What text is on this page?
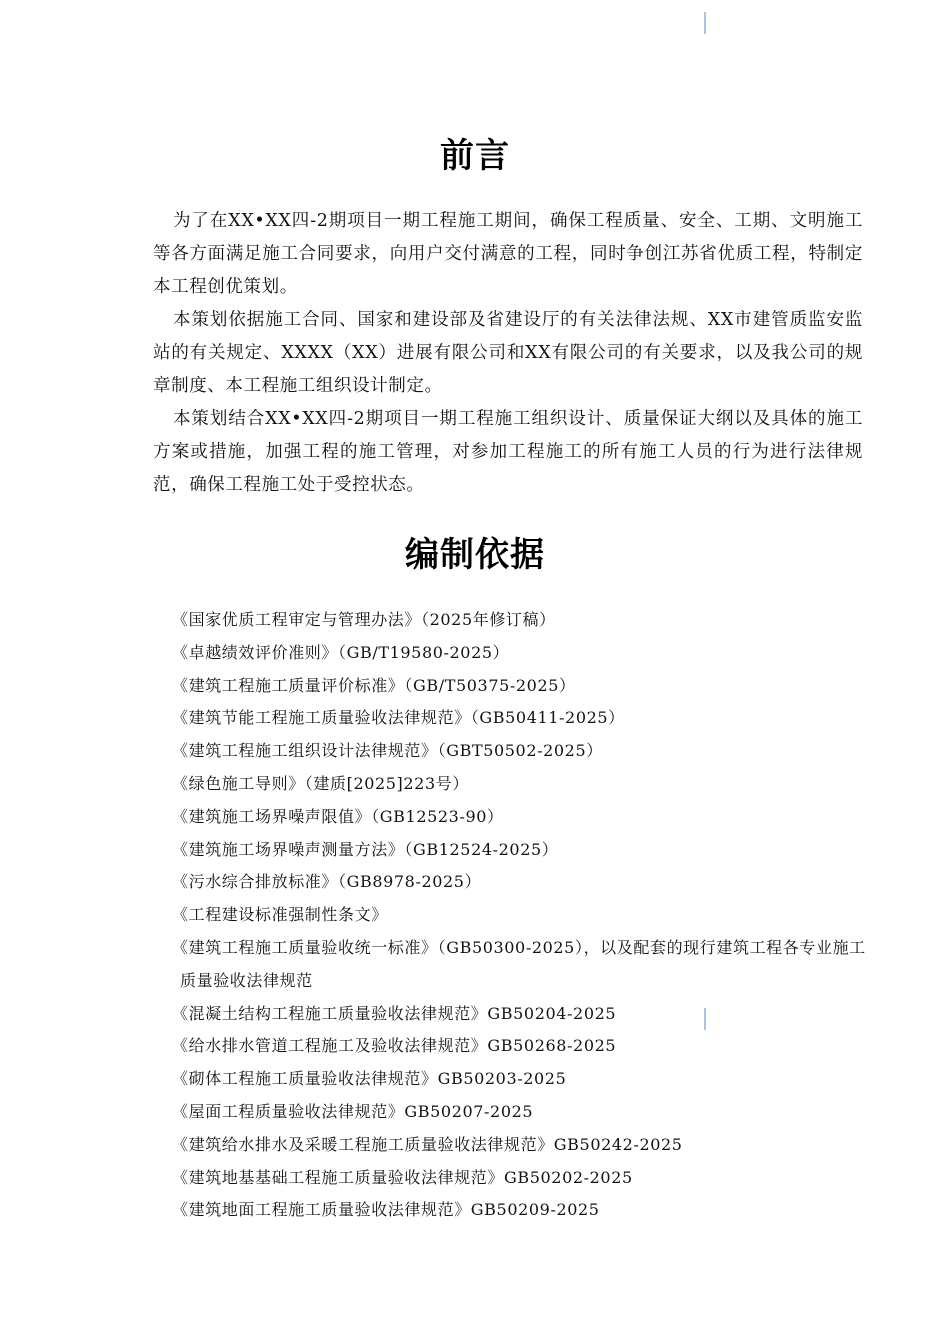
前言

为了在XX•XX四-2期项目一期工程施工期间，确保工程质量、安全、工期、文明施工等各方面满足施工合同要求，向用户交付满意的工程，同时争创江苏省优质工程，特制定本工程创优策划。

本策划依据施工合同、国家和建设部及省建设厅的有关法律法规、XX市建管质监安监站的有关规定、XXXX（XX）进展有限公司和XX有限公司的有关要求，以及我公司的规章制度、本工程施工组织设计制定。

本策划结合XX•XX四-2期项目一期工程施工组织设计、质量保证大纲以及具体的施工方案或措施，加强工程的施工管理，对参加工程施工的所有施工人员的行为进行法律规范，确保工程施工处于受控状态。

编制依据
《国家优质工程审定与管理办法》（2025年修订稿）
《卓越绩效评价准则》（GB/T19580-2025）
《建筑工程施工质量评价标准》（GB/T50375-2025）
《建筑节能工程施工质量验收法律规范》（GB50411-2025）
《建筑工程施工组织设计法律规范》（GBT50502-2025）
《绿色施工导则》（建质[2025]223号）
《建筑施工场界噪声限值》（GB12523-90）
《建筑施工场界噪声测量方法》（GB12524-2025）
《污水综合排放标准》（GB8978-2025）
《工程建设标准强制性条文》
《建筑工程施工质量验收统一标准》（GB50300-2025），以及配套的现行建筑工程各专业施工质量验收法律规范
《混凝土结构工程施工质量验收法律规范》GB50204-2025
《给水排水管道工程施工及验收法律规范》GB50268-2025
《砌体工程施工质量验收法律规范》GB50203-2025
《屋面工程质量验收法律规范》GB50207-2025
《建筑给水排水及采暖工程施工质量验收法律规范》GB50242-2025
《建筑地基基础工程施工质量验收法律规范》GB50202-2025
《建筑地面工程施工质量验收法律规范》GB50209-2025
